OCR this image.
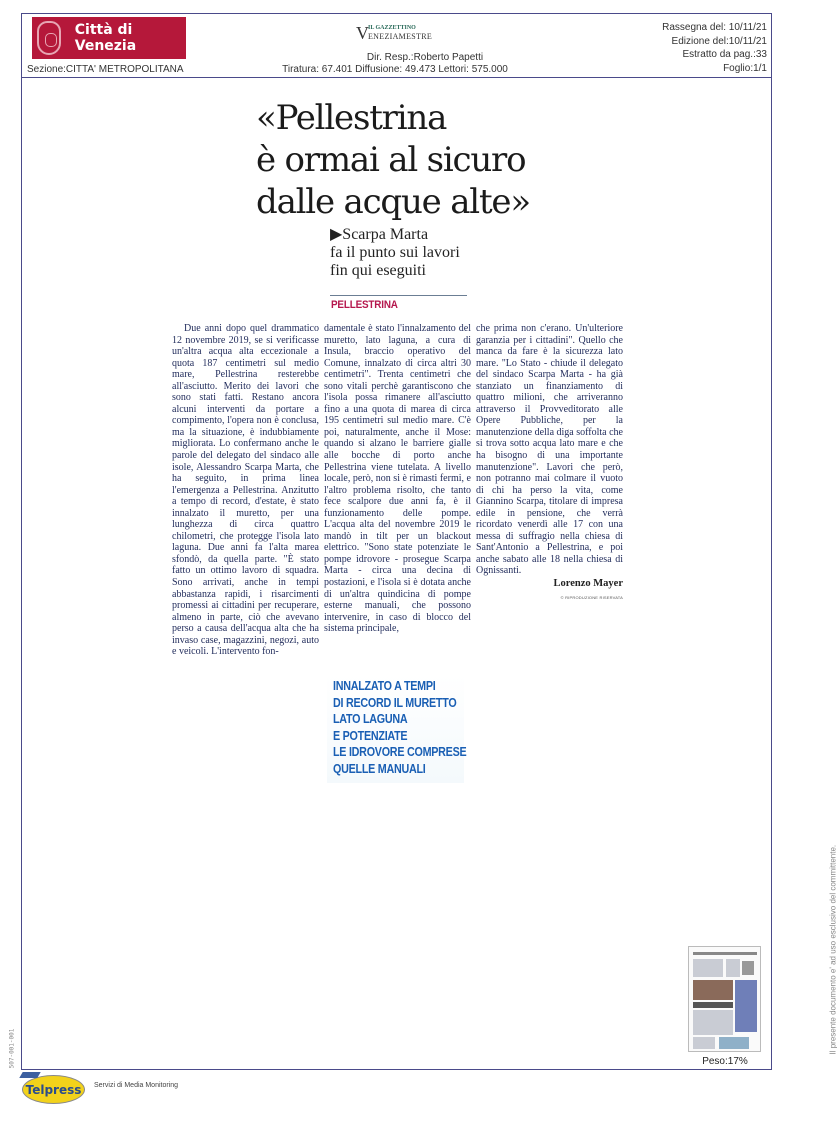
Città di Venezia
Sezione:CITTA' METROPOLITANA
V IL GAZZETTINO
ENEZIAMESTRE
Dir. Resp.:Roberto Papetti
Tiratura: 67.401 Diffusione: 49.473 Lettori: 575.000
Rassegna del: 10/11/21
Edizione del:10/11/21
Estratto da pag.:33
Foglio:1/1
«Pellestrina
è ormai al sicuro
dalle acque alte»
▶Scarpa Marta
fa il punto sui lavori
fin qui eseguiti
PELLESTRINA

Due anni dopo quel drammatico 12 novembre 2019, se si verificasse un'altra acqua alta eccezionale a quota 187 centimetri sul medio mare, Pellestrina resterebbe all'asciutto. Merito dei lavori che sono stati fatti. Restano ancora alcuni interventi da portare a compimento, l'opera non è conclusa, ma la situazione, è indubbiamente migliorata. Lo confermano anche le parole del delegato del sindaco alle isole, Alessandro Scarpa Marta, che ha seguito, in prima linea l'emergenza a Pellestrina. Anzitutto a tempo di record, d'estate, è stato innalzato il muretto, per una lunghezza di circa quattro chilometri, che protegge l'isola lato laguna. Due anni fa l'alta marea sfondò, da quella parte. "È stato fatto un ottimo lavoro di squadra. Sono arrivati, anche in tempi abbastanza rapidi, i risarcimenti promessi ai cittadini per recuperare, almeno in parte, ciò che avevano perso a causa dell'acqua alta che ha invaso case, magazzini, negozi, auto e veicoli. L'intervento fon-

damentale è stato l'innalzamento del muretto, lato laguna, a cura di Insula, braccio operativo del Comune, innalzato di circa altri 30 centimetri". Trenta centimetri che sono vitali perchè garantiscono che l'isola possa rimanere all'asciutto fino a una quota di marea di circa 195 centimetri sul medio mare. C'è poi, naturalmente, anche il Mose: quando si alzano le barriere gialle alle bocche di porto anche Pellestrina viene tutelata. A livello locale, però, non si è rimasti fermi, e l'altro problema risolto, che tanto fece scalpore due anni fa, è il funzionamento delle pompe. L'acqua alta del novembre 2019 le mandò in tilt per un blackout elettrico. "Sono state potenziate le pompe idrovore - prosegue Scarpa Marta - circa una decina di postazioni, e l'isola si è dotata anche di un'altra quindicina di pompe esterne manuali, che possono intervenire, in caso di blocco del sistema principale,

che prima non c'erano. Un'ulteriore garanzia per i cittadini". Quello che manca da fare è la sicurezza lato mare. "Lo Stato - chiude il delegato del sindaco Scarpa Marta - ha già stanziato un finanziamento di quattro milioni, che arriveranno attraverso il Provveditorato alle Opere Pubbliche, per la manutenzione della diga soffolta che si trova sotto acqua lato mare e che ha bisogno di una importante manutenzione". Lavori che però, non potranno mai colmare il vuoto di chi ha perso la vita, come Giannino Scarpa, titolare di impresa edile in pensione, che verrà ricordato venerdì alle 17 con una messa di suffragio nella chiesa di Sant'Antonio a Pellestrina, e poi anche sabato alle 18 nella chiesa di Ognissanti.

Lorenzo Mayer
© RIPRODUZIONE RISERVATA
INNALZATO A TEMPI
DI RECORD IL MURETTO
LATO LAGUNA
E POTENZIATE
LE IDROVORE COMPRESE
QUELLE MANUALI
Peso:17%
Il presente documento e' ad uso esclusivo del committente.
507-001-001
Telpress Servizi di Media Monitoring
